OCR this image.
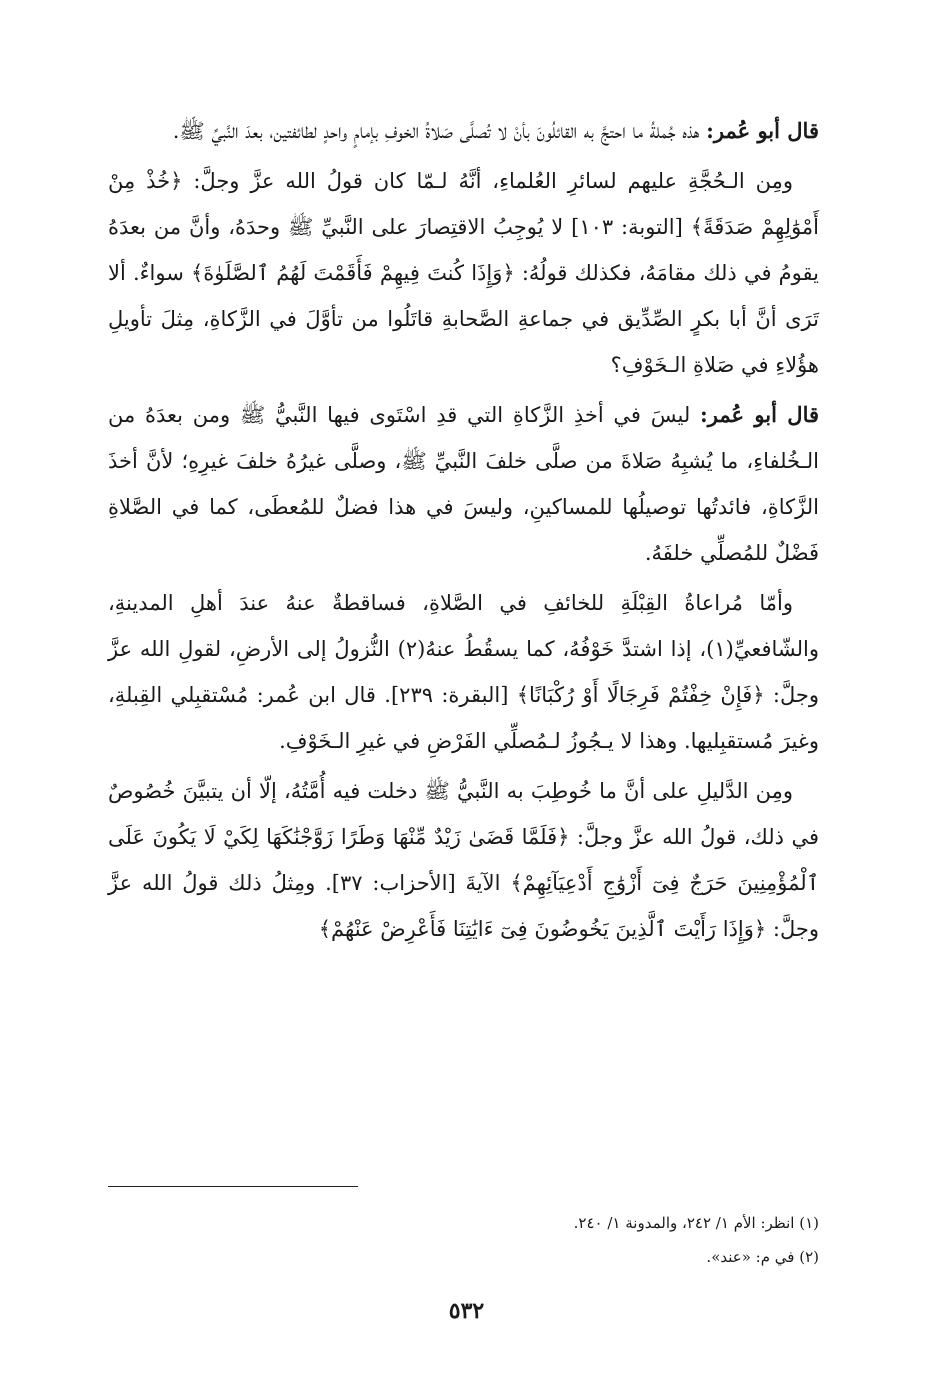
قال أبو عُمر: هذه جُملةُ ما احتجَّ به القائلُونَ بأنْ لا تُصلَّى صَلاةُ الخوفِ بإمامٍ واحدٍ لطائفتين، بعدَ النَّبيِّ ﷺ.

ومِن الـحُجَّةِ عليهم لسائرِ العُلماءِ، أنَّهُ لـمّا كان قولُ الله عزَّ وجلَّ: ﴿خُذْ مِنْ أَمْوَٰلِهِمْ صَدَقَةً﴾ [التوبة: ١٠٣] لا يُوجِبُ الاقتِصارَ على النَّبيِّ ﷺ وحدَهُ، وأنَّ من بعدَهُ يقومُ في ذلك مقامَهُ، فكذلك قولُهُ: ﴿وَإِذَا كُنتَ فِيهِمْ فَأَقَمْتَ لَهُمُ ٱلصَّلَوٰةَ﴾ سواءٌ. ألا تَرَى أنَّ أبا بكرٍ الصِّدِّيق في جماعةِ الصَّحابةِ قاتَلُوا من تأوَّلَ في الزَّكاةِ، مِثلَ تأويلِ هؤُلاءِ في صَلاةِ الـخَوْفِ؟

قال أبو عُمر: ليسَ في أخذِ الزَّكاةِ التي قدِ اسْتَوى فيها النَّبيُّ ﷺ ومن بعدَهُ من الـخُلفاءِ، ما يُشبِهُ صَلاةَ من صلَّى خلفَ النَّبيِّ ﷺ، وصلَّى غيرُهُ خلفَ غيرِهِ؛ لأنَّ أخذَ الزَّكاةِ، فائدتُها توصيلُها للمساكينِ، وليسَ في هذا فضلٌ للمُعطَى، كما في الصَّلاةِ فَضْلٌ للمُصلِّي خلفَهُ.

وأمّا مُراعاةُ القِبْلَةِ للخائفِ في الصَّلاةِ، فساقطةٌ عنهُ عندَ أهلِ المدينةِ، والشّافعيِّ(١)، إذا اشتدَّ خَوْفُهُ، كما يسقُطُ عنهُ(٢) النُّزولُ إلى الأرضِ، لقولِ الله عزَّ وجلَّ: ﴿فَإِنْ خِفْتُمْ فَرِجَالًا أَوْ رُكْبَانًا﴾ [البقرة: ٢٣٩]. قال ابن عُمر: مُسْتقبِلي القِبلةِ، وغيرَ مُستقبِليها. وهذا لا يـجُوزُ لـمُصلِّي الفَرْضِ في غيرِ الـخَوْفِ.

ومِن الدَّليلِ على أنَّ ما خُوطِبَ به النَّبيُّ ﷺ دخلت فيه أُمَّتُهُ، إلّا أن يتبيَّنَ خُصُوصٌ في ذلك، قولُ الله عزَّ وجلَّ: ﴿فَلَمَّا قَضَىٰ زَيْدٌ مِّنْهَا وَطَرًا زَوَّجْنَٰكَهَا لِكَيْ لَا يَكُونَ عَلَى ٱلْمُؤْمِنِينَ حَرَجٌ فِىٓ أَزْوَٰجِ أَدْعِيَآئِهِمْ﴾ الآيةَ [الأحزاب: ٣٧]. ومِثلُ ذلك قولُ الله عزَّ وجلَّ: ﴿وَإِذَا رَأَيْتَ ٱلَّذِينَ يَخُوضُونَ فِىٓ ءَايَٰتِنَا فَأَعْرِضْ عَنْهُمْ﴾

(١) انظر: الأم ١/ ٢٤٢، والمدونة ١/ ٢٤٠.
(٢) في م: «عند».
٥٣٢
